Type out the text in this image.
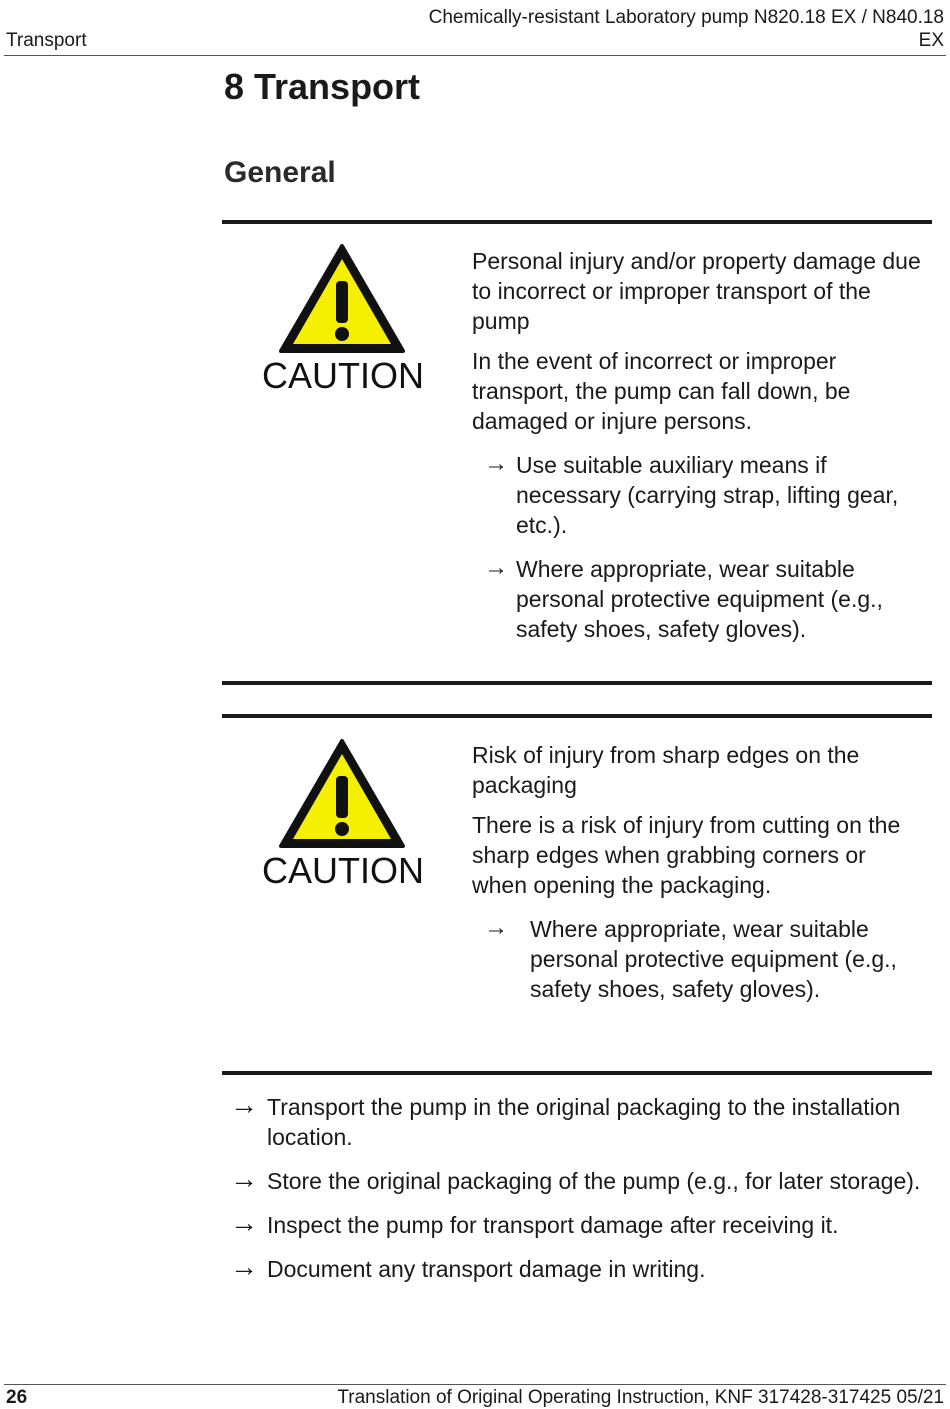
Transport
Chemically-resistant Laboratory pump N820.18 EX / N840.18
EX
8 Transport
General
CAUTION

Personal injury and/or property damage due to incorrect or improper transport of the pump

In the event of incorrect or improper transport, the pump can fall down, be damaged or injure persons.

→ Use suitable auxiliary means if necessary (carrying strap, lifting gear, etc.).
→ Where appropriate, wear suitable personal protective equipment (e.g., safety shoes, safety gloves).
CAUTION

Risk of injury from sharp edges on the packaging

There is a risk of injury from cutting on the sharp edges when grabbing corners or when opening the packaging.

→ Where appropriate, wear suitable personal protective equipment (e.g., safety shoes, safety gloves).
→ Transport the pump in the original packaging to the installation location.
→ Store the original packaging of the pump (e.g., for later storage).
→ Inspect the pump for transport damage after receiving it.
→ Document any transport damage in writing.
26	Translation of Original Operating Instruction, KNF 317428-317425 05/21
